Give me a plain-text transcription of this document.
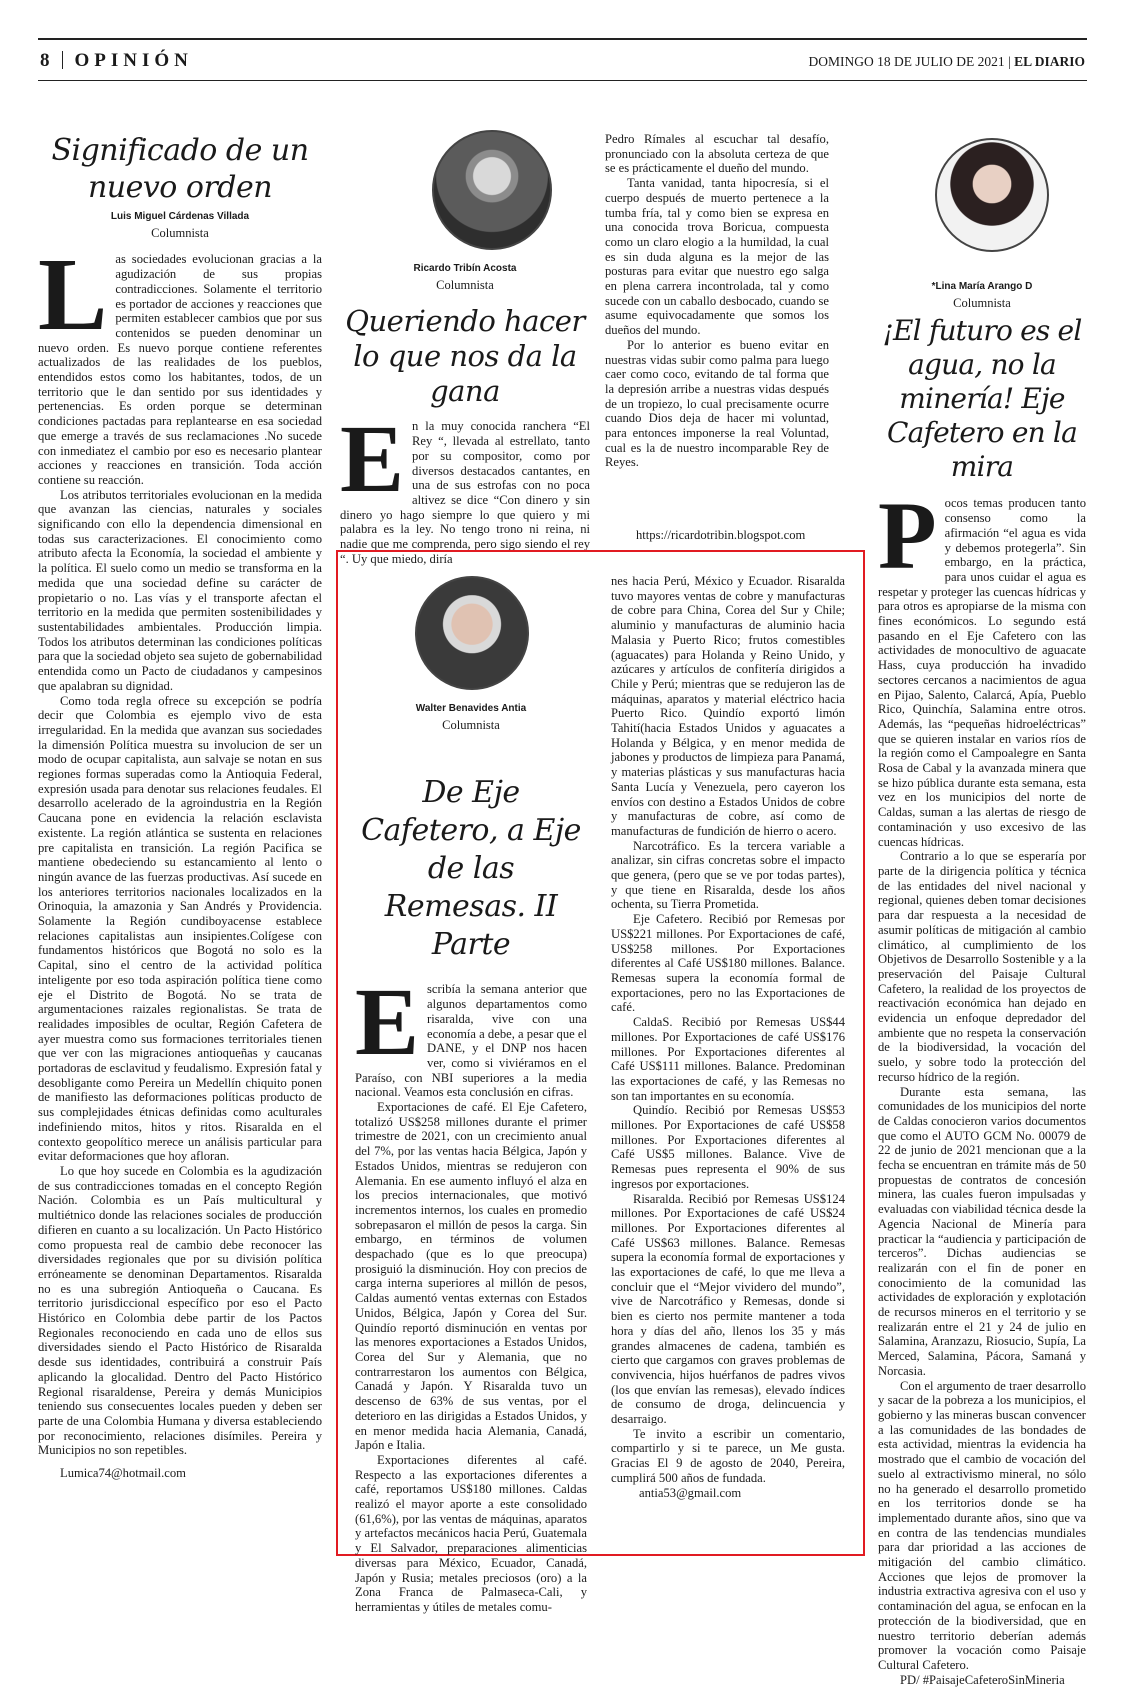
8 OPINIÓN	DOMINGO 18 DE JULIO DE 2021 | EL DIARIO
Significado de un nuevo orden
Luis Miguel Cárdenas Villada
Columnista

Las sociedades evolucionan gracias a la agudización de sus propias contradicciones. Solamente el territorio es portador de acciones y reacciones que permiten establecer cambios que por sus contenidos se pueden denominar un nuevo orden. Es nuevo porque contiene referentes actualizados de las realidades de los pueblos, entendidos estos como los habitantes, todos, de un territorio que le dan sentido por sus identidades y pertenencias. Es orden porque se determinan condiciones pactadas para replantearse en esa sociedad que emerge a través de sus reclamaciones .No sucede con inmediatez el cambio por eso es necesario plantear acciones y reacciones en transición. Toda acción contiene su reacción.

Los atributos territoriales evolucionan en la medida que avanzan las ciencias, naturales y sociales significando con ello la dependencia dimensional en todas sus caracterizaciones. El conocimiento como atributo afecta la Economía, la sociedad el ambiente y la política. El suelo como un medio se transforma en la medida que una sociedad define su carácter de propietario o no. Las vías y el transporte afectan el territorio en la medida que permiten sostenibilidades y sustentabilidades ambientales. Producción limpia. Todos los atributos determinan las condiciones políticas para que la sociedad objeto sea sujeto de gobernabilidad entendida como un Pacto de ciudadanos y campesinos que apalabran su dignidad.

Como toda regla ofrece su excepción se podría decir que Colombia es ejemplo vivo de esta irregularidad. En la medida que avanzan sus sociedades la dimensión Política muestra su involucion de ser un modo de ocupar capitalista, aun salvaje se notan en sus regiones formas superadas como la Antioquia Federal, expresión usada para denotar sus relaciones feudales. El desarrollo acelerado de la agroindustria en la Región Caucana pone en evidencia la relación esclavista existente. La región atlántica se sustenta en relaciones pre capitalista en transición. La región Pacifica se mantiene obedeciendo su estancamiento al lento o ningún avance de las fuerzas productivas. Así sucede en los anteriores territorios nacionales localizados en la Orinoquia, la amazonia y San Andrés y Providencia. Solamente la Región cundiboyacense establece relaciones capitalistas aun insipientes.Colígese con fundamentos históricos que Bogotá no solo es la Capital, sino el centro de la actividad política inteligente por eso toda aspiración política tiene como eje el Distrito de Bogotá. No se trata de argumentaciones raizales regionalistas. Se trata de realidades imposibles de ocultar, Región Cafetera de ayer muestra como sus formaciones territoriales tienen que ver con las migraciones antioqueñas y caucanas portadoras de esclavitud y feudalismo. Expresión fatal y desobligante como Pereira un Medellín chiquito ponen de manifiesto las deformaciones políticas producto de sus complejidades étnicas definidas como aculturales indefiniendo mitos, hitos y ritos. Risaralda en el contexto geopolítico merece un análisis particular para evitar deformaciones que hoy afloran.

Lo que hoy sucede en Colombia es la agudización de sus contradicciones tomadas en el concepto Región Nación. Colombia es un País multicultural y multiétnico donde las relaciones sociales de producción difieren en cuanto a su localización. Un Pacto Histórico como propuesta real de cambio debe reconocer las diversidades regionales que por su división política erróneamente se denominan Departamentos. Risaralda no es una subregión Antioqueña o Caucana. Es territorio jurisdiccional específico por eso el Pacto Histórico en Colombia debe partir de los Pactos Regionales reconociendo en cada uno de ellos sus diversidades siendo el Pacto Histórico de Risaralda desde sus identidades, contribuirá a construir País aplicando la glocalidad. Dentro del Pacto Histórico Regional risaraldense, Pereira y demás Municipios teniendo sus consecuentes locales pueden y deben ser parte de una Colombia Humana y diversa estableciendo por reconocimiento, relaciones disímiles. Pereira y Municipios no son repetibles.

Lumica74@hotmail.com

Ricardo Tribín Acosta
Columnista
Queriendo hacer lo que nos da la gana

En la muy conocida ranchera “El Rey “, llevada al estrellato, tanto por su compositor, como por diversos destacados cantantes, en una de sus estrofas con no poca altivez se dice “Con dinero y sin dinero yo hago siempre lo que quiero y mi palabra es la ley. No tengo trono ni reina, ni nadie que me comprenda, pero sigo siendo el rey “. Uy que miedo, diría

Pedro Rímales al escuchar tal desafío, pronunciado con la absoluta certeza de que se es prácticamente el dueño del mundo.

Tanta vanidad, tanta hipocresía, si el cuerpo después de muerto pertenece a la tumba fría, tal y como bien se expresa en una conocida trova Boricua, compuesta como un claro elogio a la humildad, la cual es sin duda alguna es la mejor de las posturas para evitar que nuestro ego salga en plena carrera incontrolada, tal y como sucede con un caballo desbocado, cuando se asume equivocadamente que somos los dueños del mundo.

Por lo anterior es bueno evitar en nuestras vidas subir como palma para luego caer como coco, evitando de tal forma que la depresión arribe a nuestras vidas después de un tropiezo, lo cual precisamente ocurre cuando Dios deja de hacer mi voluntad, para entonces imponerse la real Voluntad, cual es la de nuestro incomparable Rey de Reyes.

https://ricardotribin.blogspot.com
*Lina María Arango D
Columnista
¡El futuro es el agua, no la minería! Eje Cafetero en la mira

Pocos temas producen tanto consenso como la afirmación “el agua es vida y debemos protegerla”. Sin embargo, en la práctica, para unos cuidar el agua es respetar y proteger las cuencas hídricas y para otros es apropiarse de la misma con fines económicos. Lo segundo está pasando en el Eje Cafetero con las actividades de monocultivo de aguacate Hass, cuya producción ha invadido sectores cercanos a nacimientos de agua en Pijao, Salento, Calarcá, Apía, Pueblo Rico, Quinchía, Salamina entre otros. Además, las “pequeñas hidroeléctricas” que se quieren instalar en varios ríos de la región como el Campoalegre en Santa Rosa de Cabal y la avanzada minera que se hizo pública durante esta semana, esta vez en los municipios del norte de Caldas, suman a las alertas de riesgo de contaminación y uso excesivo de las cuencas hídricas.

Contrario a lo que se esperaría por parte de la dirigencia política y técnica de las entidades del nivel nacional y regional, quienes deben tomar decisiones para dar respuesta a la necesidad de asumir políticas de mitigación al cambio climático, al cumplimiento de los Objetivos de Desarrollo Sostenible y a la preservación del Paisaje Cultural Cafetero, la realidad de los proyectos de reactivación económica han dejado en evidencia un enfoque depredador del ambiente que no respeta la conservación de la biodiversidad, la vocación del suelo, y sobre todo la protección del recurso hídrico de la región.

Durante esta semana, las comunidades de los municipios del norte de Caldas conocieron varios documentos que como el AUTO GCM No. 00079 de 22 de junio de 2021 mencionan que a la fecha se encuentran en trámite más de 50 propuestas de contratos de concesión minera, las cuales fueron impulsadas y evaluadas con viabilidad técnica desde la Agencia Nacional de Minería para practicar la “audiencia y participación de terceros”. Dichas audiencias se realizarán con el fin de poner en conocimiento de la comunidad las actividades de exploración y explotación de recursos mineros en el territorio y se realizarán entre el 21 y 24 de julio en Salamina, Aranzazu, Riosucio, Supía, La Merced, Salamina, Pácora, Samaná y Norcasia.

Con el argumento de traer desarrollo y sacar de la pobreza a los municipios, el gobierno y las mineras buscan convencer a las comunidades de las bondades de esta actividad, mientras la evidencia ha mostrado que el cambio de vocación del suelo al extractivismo mineral, no sólo no ha generado el desarrollo prometido en los territorios donde se ha implementado durante años, sino que va en contra de las tendencias mundiales para dar prioridad a las acciones de mitigación del cambio climático. Acciones que lejos de promover la industria extractiva agresiva con el uso y contaminación del agua, se enfocan en la protección de la biodiversidad, que en nuestro territorio deberían además promover la vocación como Paisaje Cultural Cafetero.

PD/ #PaisajeCafeteroSinMineria

Walter Benavides Antia
Columnista
De Eje Cafetero, a Eje de las Remesas. II Parte

Escribía la semana anterior que algunos departamentos como risaralda, vive con una economía a debe, a pesar que el DANE, y el DNP nos hacen ver, como si viviéramos en el Paraíso, con NBI superiores a la media nacional. Veamos esta conclusión en cifras.

Exportaciones de café. El Eje Cafetero, totalizó US$258 millones durante el primer trimestre de 2021, con un crecimiento anual del 7%, por las ventas hacia Bélgica, Japón y Estados Unidos, mientras se redujeron con Alemania. En ese aumento influyó el alza en los precios internacionales, que motivó incrementos internos, los cuales en promedio sobrepasaron el millón de pesos la carga. Sin embargo, en términos de volumen despachado (que es lo que preocupa) prosiguió la disminución. Hoy con precios de carga interna superiores al millón de pesos, Caldas aumentó ventas externas con Estados Unidos, Bélgica, Japón y Corea del Sur. Quindío reportó disminución en ventas por las menores exportaciones a Estados Unidos, Corea del Sur y Alemania, que no contrarrestaron los aumentos con Bélgica, Canadá y Japón. Y Risaralda tuvo un descenso de 63% de sus ventas, por el deterioro en las dirigidas a Estados Unidos, y en menor medida hacia Alemania, Canadá, Japón e Italia.

Exportaciones diferentes al café. Respecto a las exportaciones diferentes a café, reportamos US$180 millones. Caldas realizó el mayor aporte a este consolidado (61,6%), por las ventas de máquinas, aparatos y artefactos mecánicos hacia Perú, Guatemala y El Salvador, preparaciones alimenticias diversas para México, Ecuador, Canadá, Japón y Rusia; metales preciosos (oro) a la Zona Franca de Palmaseca-Cali, y herramientas y útiles de metales comu-

nes hacia Perú, México y Ecuador. Risaralda tuvo mayores ventas de cobre y manufacturas de cobre para China, Corea del Sur y Chile; aluminio y manufacturas de aluminio hacia Malasia y Puerto Rico; frutos comestibles (aguacates) para Holanda y Reino Unido, y azúcares y artículos de confitería dirigidos a Chile y Perú; mientras que se redujeron las de máquinas, aparatos y material eléctrico hacia Puerto Rico. Quindío exportó limón Tahití(hacia Estados Unidos y aguacates a Holanda y Bélgica, y en menor medida de jabones y productos de limpieza para Panamá, y materias plásticas y sus manufacturas hacia Santa Lucía y Venezuela, pero cayeron los envíos con destino a Estados Unidos de cobre y manufacturas de cobre, así como de manufacturas de fundición de hierro o acero.

Narcotráfico. Es la tercera variable a analizar, sin cifras concretas sobre el impacto que genera, (pero que se ve por todas partes), y que tiene en Risaralda, desde los años ochenta, su Tierra Prometida.

Eje Cafetero. Recibió por Remesas por US$221 millones. Por Exportaciones de café, US$258 millones. Por Exportaciones diferentes al Café US$180 millones. Balance. Remesas supera la economía formal de exportaciones, pero no las Exportaciones de café.

CaldaS. Recibió por Remesas US$44 millones. Por Exportaciones de café US$176 millones. Por Exportaciones diferentes al Café US$111 millones. Balance. Predominan las exportaciones de café, y las Remesas no son tan importantes en su economía.

Quindío. Recibió por Remesas US$53 millones. Por Exportaciones de café US$58 millones. Por Exportaciones diferentes al Café US$5 millones. Balance. Vive de Remesas pues representa el 90% de sus ingresos por exportaciones.

Risaralda. Recibió por Remesas US$124 millones. Por Exportaciones de café US$24 millones. Por Exportaciones diferentes al Café US$63 millones. Balance. Remesas supera la economía formal de exportaciones y las exportaciones de café, lo que me lleva a concluir que el “Mejor vividero del mundo”, vive de Narcotráfico y Remesas, donde si bien es cierto nos permite mantener a toda hora y días del año, llenos los 35 y más grandes almacenes de cadena, también es cierto que cargamos con graves problemas de convivencia, hijos huérfanos de padres vivos (los que envían las remesas), elevado índices de consumo de droga, delincuencia y desarraigo.

Te invito a escribir un comentario, compartirlo y si te parece, un Me gusta. Gracias El 9 de agosto de 2040, Pereira, cumplirá 500 años de fundada.

antia53@gmail.com
